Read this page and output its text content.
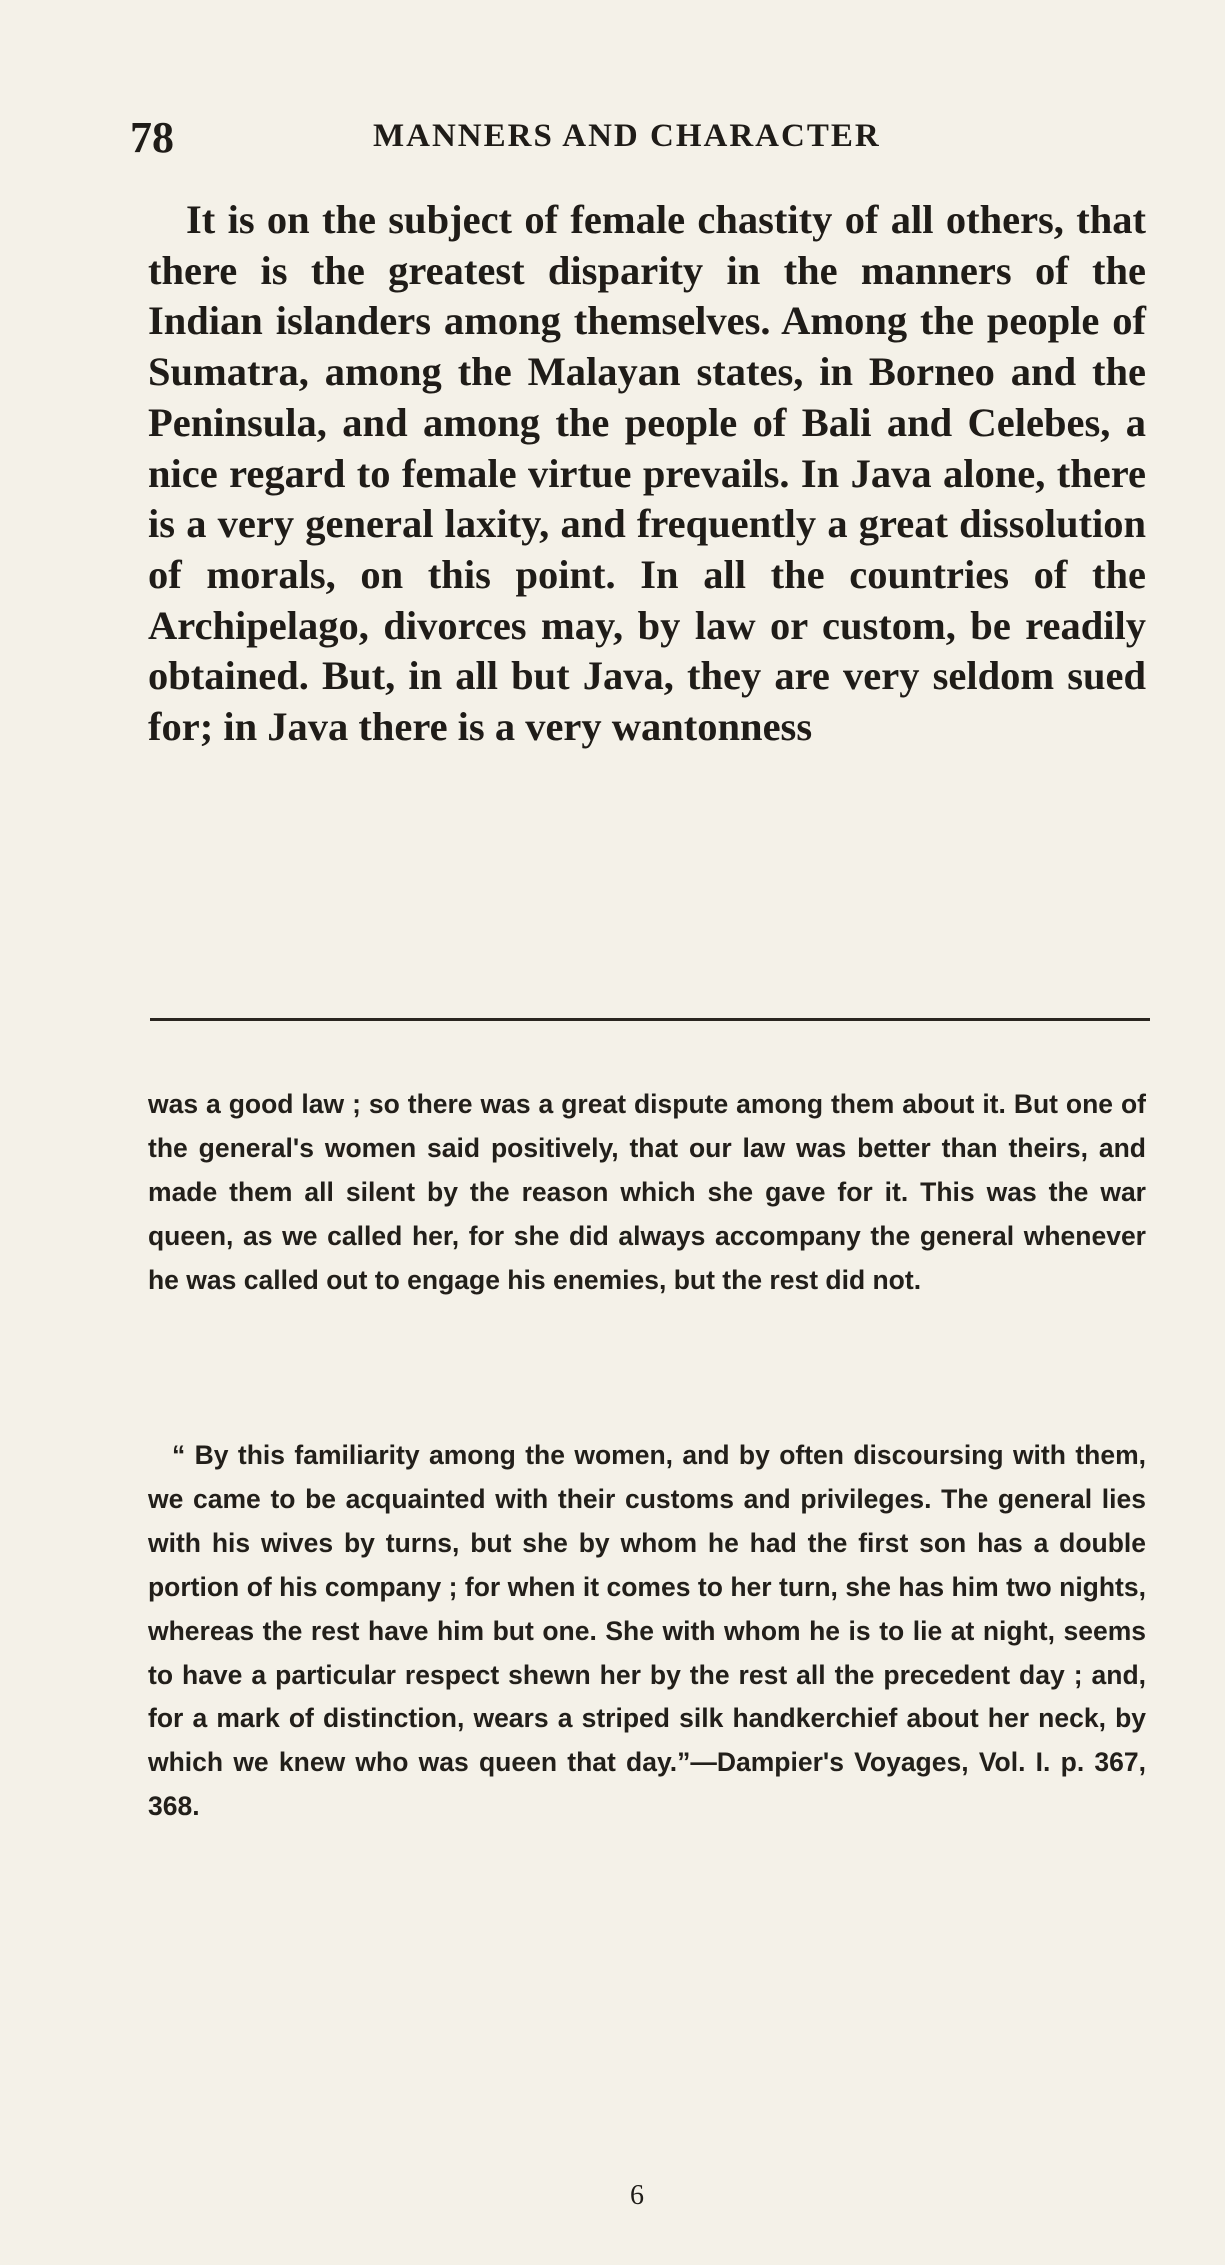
78	MANNERS AND CHARACTER

It is on the subject of female chastity of all others, that there is the greatest disparity in the manners of the Indian islanders among themselves. Among the people of Sumatra, among the Malayan states, in Borneo and the Peninsula, and among the people of Bali and Celebes, a nice regard to female virtue prevails. In Java alone, there is a very general laxity, and frequently a great dissolution of morals, on this point. In all the countries of the Archipelago, divorces may, by law or custom, be readily obtained. But, in all but Java, they are very seldom sued for; in Java there is a very wantonness

was a good law ; so there was a great dispute among them about it. But one of the general's women said positively, that our law was better than theirs, and made them all silent by the reason which she gave for it. This was the war queen, as we called her, for she did always accompany the general whenever he was called out to engage his enemies, but the rest did not.

“ By this familiarity among the women, and by often discoursing with them, we came to be acquainted with their customs and privileges. The general lies with his wives by turns, but she by whom he had the first son has a double portion of his company ; for when it comes to her turn, she has him two nights, whereas the rest have him but one. She with whom he is to lie at night, seems to have a particular respect shewn her by the rest all the precedent day ; and, for a mark of distinction, wears a striped silk handkerchief about her neck, by which we knew who was queen that day.”—Dampier's Voyages, Vol. I. p. 367, 368.

6
